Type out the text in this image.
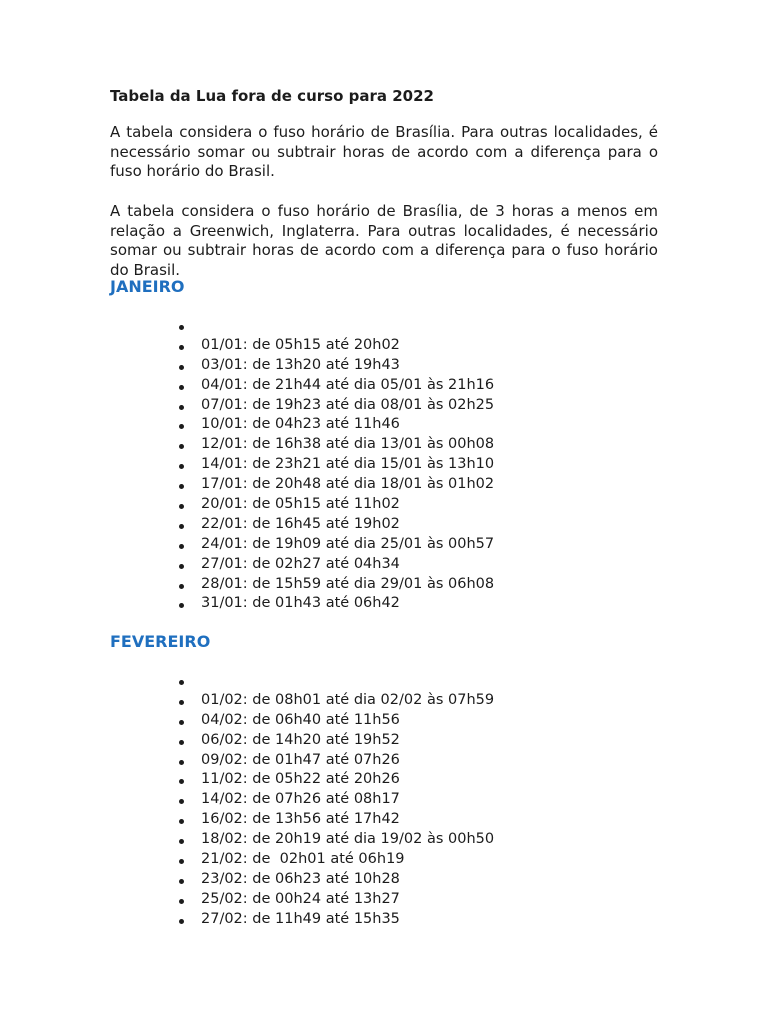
Tabela da Lua fora de curso para 2022

A tabela considera o fuso horário de Brasília. Para outras localidades, é necessário somar ou subtrair horas de acordo com a diferença para o fuso horário do Brasil.

A tabela considera o fuso horário de Brasília, de 3 horas a menos em relação a Greenwich, Inglaterra. Para outras localidades, é necessário somar ou subtrair horas de acordo com a diferença para o fuso horário do Brasil.

JANEIRO
01/01: de 05h15 até 20h02
03/01: de 13h20 até 19h43
04/01: de 21h44 até dia 05/01 às 21h16
07/01: de 19h23 até dia 08/01 às 02h25
10/01: de 04h23 até 11h46
12/01: de 16h38 até dia 13/01 às 00h08
14/01: de 23h21 até dia 15/01 às 13h10
17/01: de 20h48 até dia 18/01 às 01h02
20/01: de 05h15 até 11h02
22/01: de 16h45 até 19h02
24/01: de 19h09 até dia 25/01 às 00h57
27/01: de 02h27 até 04h34
28/01: de 15h59 até dia 29/01 às 06h08
31/01: de 01h43 até 06h42
FEVEREIRO
01/02: de 08h01 até dia 02/02 às 07h59
04/02: de 06h40 até 11h56
06/02: de 14h20 até 19h52
09/02: de 01h47 até 07h26
11/02: de 05h22 até 20h26
14/02: de 07h26 até 08h17
16/02: de 13h56 até 17h42
18/02: de 20h19 até dia 19/02 às 00h50
21/02: de  02h01 até 06h19
23/02: de 06h23 até 10h28
25/02: de 00h24 até 13h27
27/02: de 11h49 até 15h35
